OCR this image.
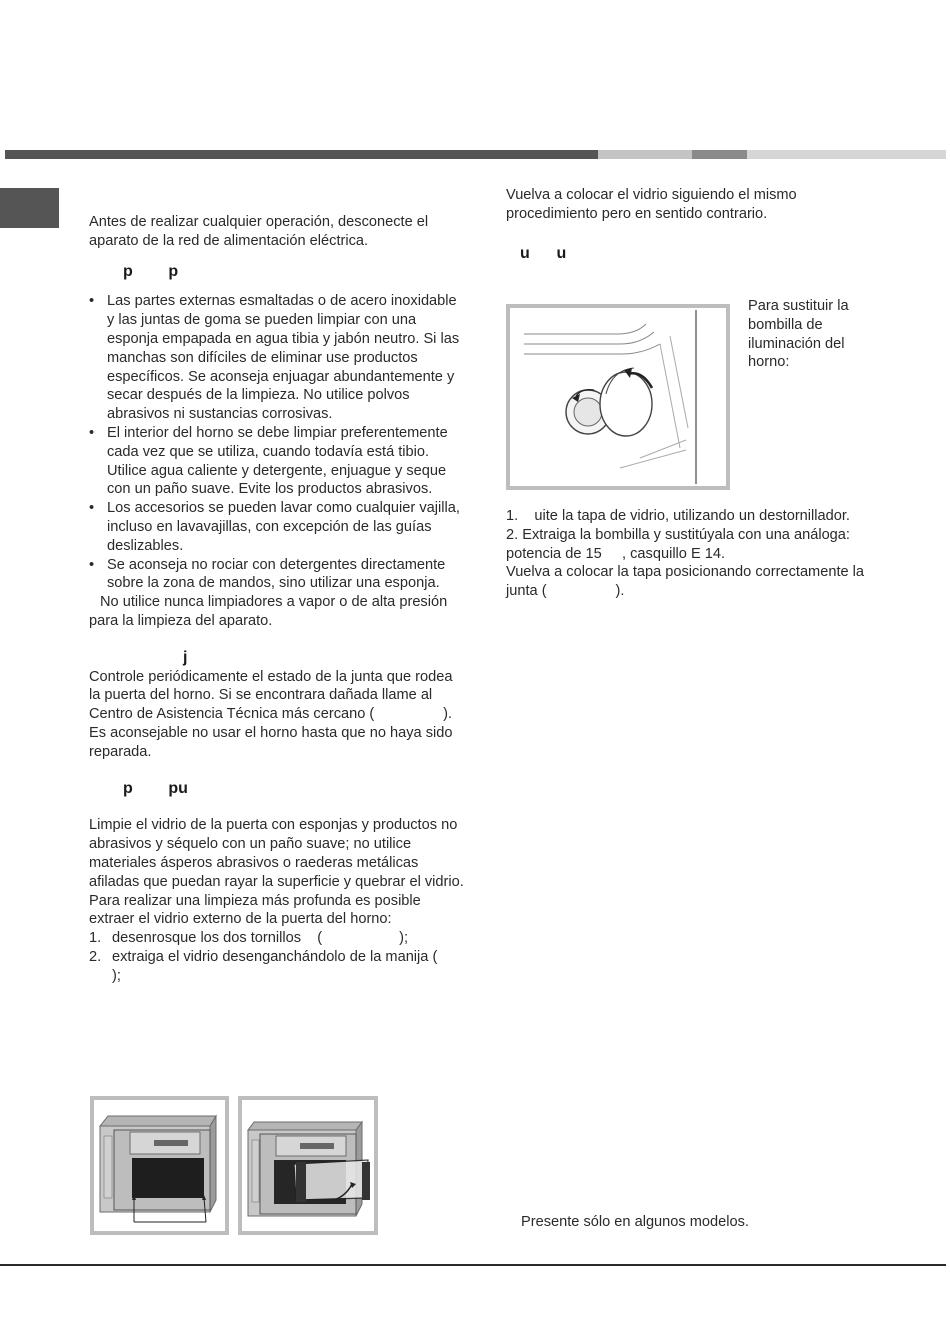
Antes de realizar cualquier operación, desconecte el aparato de la red de alimentación eléctrica.

p        p
• Las partes externas esmaltadas o de acero inoxidable y las juntas de goma se pueden limpiar con una esponja empapada en agua tibia y jabón neutro. Si las manchas son difíciles de eliminar use productos específicos. Se aconseja enjuagar abundantemente y secar después de la limpieza. No utilice polvos abrasivos ni sustancias corrosivas.
• El interior del horno se debe limpiar preferentemente cada vez que se utiliza, cuando todavía está tibio. Utilice agua caliente y detergente, enjuague y seque con un paño suave. Evite los productos abrasivos.
• Los accesorios se pueden lavar como cualquier vajilla, incluso en lavavajillas, con excepción de las guías deslizables.
• Se aconseja no rociar con detergentes directamente sobre la zona de mandos, sino utilizar una esponja.

No utilice nunca limpiadores a vapor o de alta presión para la limpieza del aparato.

j

Controle periódicamente el estado de la junta que rodea la puerta del horno. Si se encontrara dañada llame al Centro de Asistencia Técnica más cercano (                 ). Es aconsejable no usar el horno hasta que no haya sido reparada.

p        pu

Limpie el vidrio de la puerta con esponjas y productos no abrasivos y séquelo con un paño suave; no utilice materiales ásperos abrasivos o raederas metálicas afiladas que puedan rayar la superficie y quebrar el vidrio.

Para realizar una limpieza más profunda es posible extraer el vidrio externo de la puerta del horno:

1. desenrosque los dos tornillos    (                   );
2. extraiga el vidrio desenganchándolo de la manija (                 );

Vuelva a colocar el vidrio siguiendo el mismo procedimiento pero en sentido contrario.

u      u

Para sustituir la bombilla de iluminación del horno:

1.    uite la tapa de vidrio, utilizando un destornillador.

2. Extraiga la bombilla y sustitúyala con una análoga: potencia de 15     , casquillo E 14.

Vuelva a colocar la tapa posicionando correctamente la junta (                 ).

Presente sólo en algunos modelos.
